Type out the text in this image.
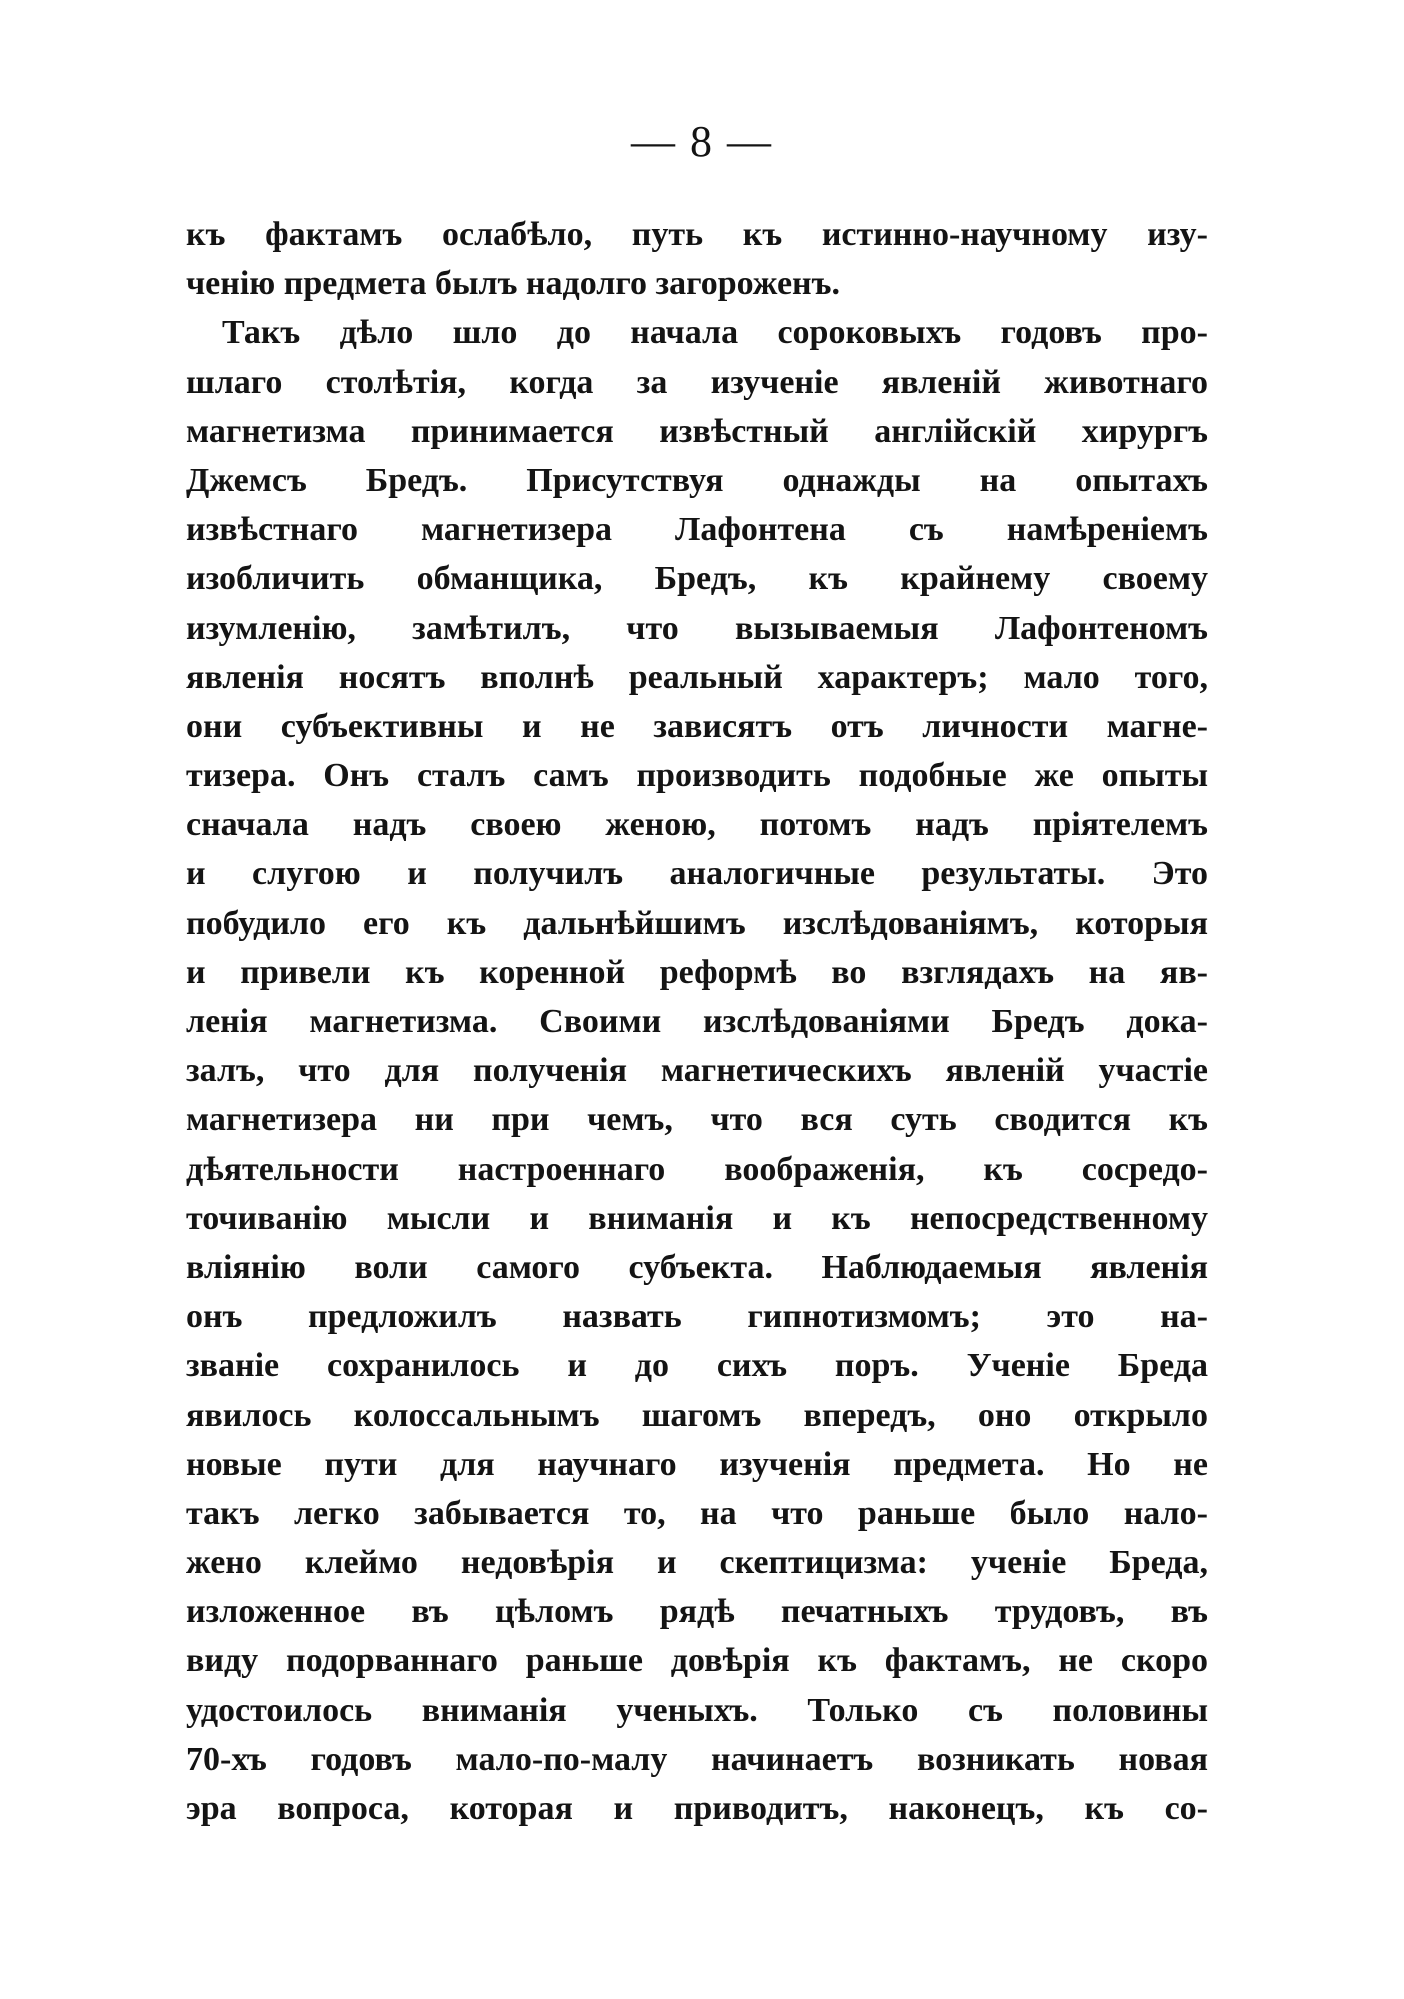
— 8 —
къ фактамъ ослабѣло, путь къ истинно-научному изу-
ченію предмета былъ надолго загороженъ.
Такъ дѣло шло до начала сороковыхъ годовъ про-
шлаго столѣтія, когда за изученіе явленій животнаго
магнетизма принимается извѣстный англійскій хирургъ
Джемсъ Бредъ. Присутствуя однажды на опытахъ
извѣстнаго магнетизера Лафонтена съ намѣреніемъ
изобличить обманщика, Бредъ, къ крайнему своему
изумленію, замѣтилъ, что вызываемыя Лафонтеномъ
явленія носятъ вполнѣ реальный характеръ; мало того,
они субъективны и не зависятъ отъ личности магне-
тизера. Онъ сталъ самъ производить подобные же опыты
сначала надъ своею женою, потомъ надъ пріятелемъ
и слугою и получилъ аналогичные результаты. Это
побудило его къ дальнѣйшимъ изслѣдованіямъ, которыя
и привели къ коренной реформѣ во взглядахъ на яв-
ленія магнетизма. Своими изслѣдованіями Бредъ дока-
залъ, что для полученія магнетическихъ явленій участіе
магнетизера ни при чемъ, что вся суть сводится къ
дѣятельности настроеннаго воображенія, къ сосредо-
точиванію мысли и вниманія и къ непосредственному
вліянію воли самого субъекта. Наблюдаемыя явленія
онъ предложилъ назвать гипнотизмомъ; это на-
званіе сохранилось и до сихъ поръ. Ученіе Бреда
явилось колоссальнымъ шагомъ впередъ, оно открыло
новые пути для научнаго изученія предмета. Но не
такъ легко забывается то, на что раньше было нало-
жено клеймо недовѣрія и скептицизма: ученіе Бреда,
изложенное въ цѣломъ рядѣ печатныхъ трудовъ, въ
виду подорваннаго раньше довѣрія къ фактамъ, не скоро
удостоилось вниманія ученыхъ. Только съ половины
70-хъ годовъ мало-по-малу начинаетъ возникать новая
эра вопроса, которая и приводитъ, наконецъ, къ со-
